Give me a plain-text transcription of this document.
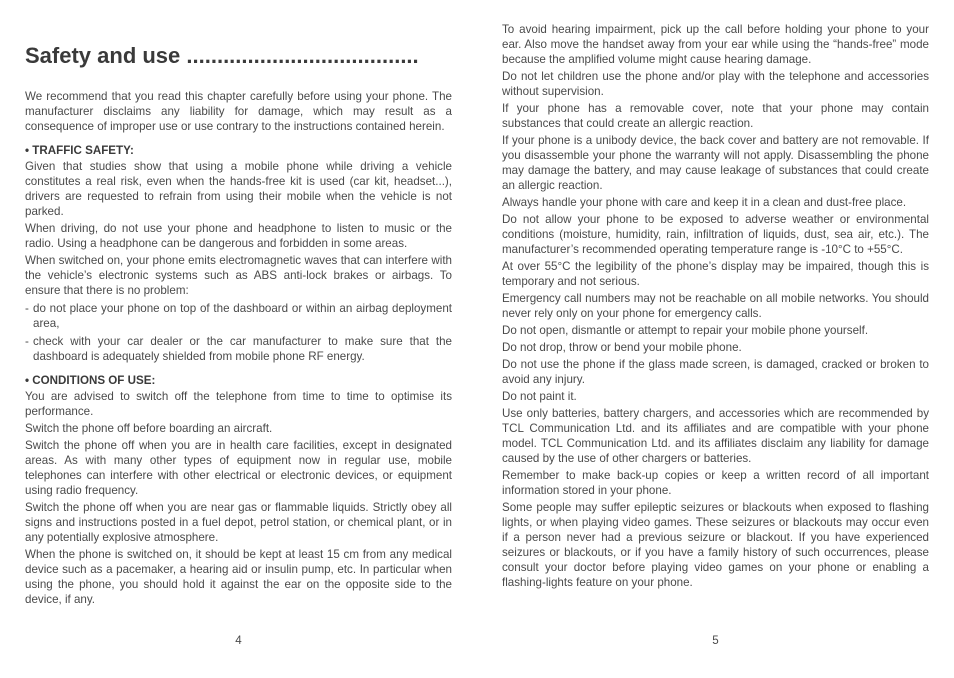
Safety and use ......................................

We recommend that you read this chapter carefully before using your phone. The manufacturer disclaims any liability for damage, which may result as a consequence of improper use or use contrary to the instructions contained herein.

• TRAFFIC SAFETY:

Given that studies show that using a mobile phone while driving a vehicle constitutes a real risk, even when the hands-free kit is used (car kit, headset...), drivers are requested to refrain from using their mobile when the vehicle is not parked.

When driving, do not use your phone and headphone to listen to music or the radio. Using a headphone can be dangerous and forbidden in some areas.

When switched on, your phone emits electromagnetic waves that can interfere with the vehicle’s electronic systems such as ABS anti-lock brakes or airbags. To ensure that there is no problem:

- do not place your phone on top of the dashboard or within an airbag deployment area,
- check with your car dealer or the car manufacturer to make sure that the dashboard is adequately shielded from mobile phone RF energy.
• CONDITIONS OF USE:

You are advised to switch off the telephone from time to time to optimise its performance.

Switch the phone off before boarding an aircraft.

Switch the phone off when you are in health care facilities, except in designated areas. As with many other types of equipment now in regular use, mobile telephones can interfere with other electrical or electronic devices, or equipment using radio frequency.

Switch the phone off when you are near gas or flammable liquids. Strictly obey all signs and instructions posted in a fuel depot, petrol station, or chemical plant, or in any potentially explosive atmosphere.

When the phone is switched on, it should be kept at least 15 cm from any medical device such as a pacemaker, a hearing aid or insulin pump, etc. In particular when using the phone, you should hold it against the ear on the opposite side to the device, if any.

4

To avoid hearing impairment, pick up the call before holding your phone to your ear. Also move the handset away from your ear while using the “hands-free” mode because the amplified volume might cause hearing damage.

Do not let children use the phone and/or play with the telephone and accessories without supervision.

If your phone has a removable cover, note that your phone may contain substances that could create an allergic reaction.

If your phone is a unibody device, the back cover and battery are not removable. If you disassemble your phone the warranty will not apply. Disassembling the phone may damage the battery, and may cause leakage of substances that could create an allergic reaction.

Always handle your phone with care and keep it in a clean and dust-free place.

Do not allow your phone to be exposed to adverse weather or environmental conditions (moisture, humidity, rain, infiltration of liquids, dust, sea air, etc.). The manufacturer’s recommended operating temperature range is -10°C to +55°C.

At over 55°C the legibility of the phone’s display may be impaired, though this is temporary and not serious.

Emergency call numbers may not be reachable on all mobile networks. You should never rely only on your phone for emergency calls.

Do not open, dismantle or attempt to repair your mobile phone yourself.

Do not drop, throw or bend your mobile phone.

Do not use the phone if the glass made screen, is damaged, cracked or broken to avoid any injury.

Do not paint it.

Use only batteries, battery chargers, and accessories which are recommended by TCL Communication Ltd. and its affiliates and are compatible with your phone model. TCL Communication Ltd. and its affiliates disclaim any liability for damage caused by the use of other chargers or batteries.

Remember to make back-up copies or keep a written record of all important information stored in your phone.

Some people may suffer epileptic seizures or blackouts when exposed to flashing lights, or when playing video games. These seizures or blackouts may occur even if a person never had a previous seizure or blackout. If you have experienced seizures or blackouts, or if you have a family history of such occurrences, please consult your doctor before playing video games on your phone or enabling a flashing-lights feature on your phone.

5
